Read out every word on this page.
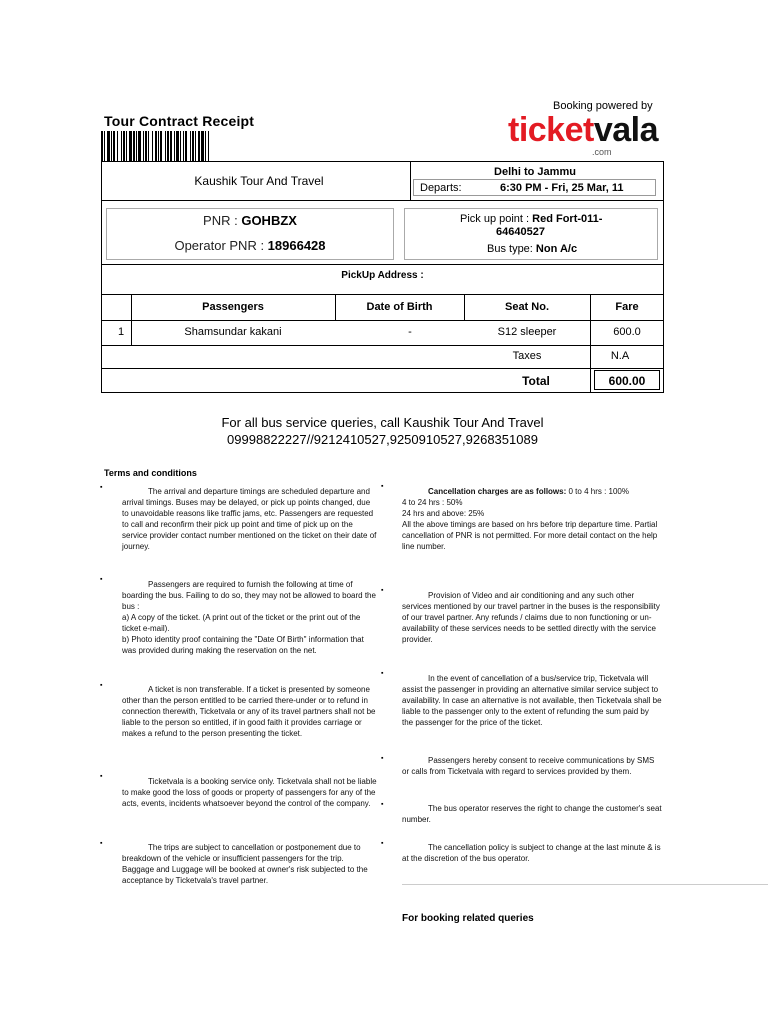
Booking powered by
ticketvala
.com
Tour Contract Receipt
Kaushik Tour And Travel
Delhi to Jammu
Departs:	6:30 PM - Fri, 25 Mar, 11
PNR : GOHBZX
Operator PNR : 18966428
Pick up point : Red Fort-011-
64640527
Bus type: Non A/c
PickUp Address :
Passengers	Date of Birth	Seat No.	Fare
1	Shamsundar kakani	-	S12 sleeper	600.0
Taxes	N.A
Total	600.00
For all bus service queries, call Kaushik Tour And Travel
09998822227//9212410527,9250910527,9268351089
Terms and conditions
▪	The arrival and departure timings are scheduled departure and arrival timings. Buses may be delayed, or pick up points changed, due to unavoidable reasons like traffic jams, etc. Passengers are requested to call and reconfirm their pick up point and time of pick up on the service provider contact number mentioned on the ticket on their date of journey.
▪
Passengers are required to furnish the following at time of boarding the bus. Failing to do so, they may not be allowed to board the bus :
a) A copy of the ticket. (A print out of the ticket or the print out of the ticket e-mail).
b) Photo identity proof containing the "Date Of Birth" information that was provided during making the reservation on the net.
▪	A ticket is non transferable. If a ticket is presented by someone other than the person entitled to be carried there-under or to refund in connection therewith, Ticketvala or any of its travel partners shall not be liable to the person so entitled, if in good faith it provides carriage or makes a refund to the person presenting the ticket.
▪
Ticketvala is a booking service only. Ticketvala shall not be liable to make good the loss of goods or property of passengers for any of the acts, events, incidents whatsoever beyond the control of the company.
▪	The trips are subject to cancellation or postponement due to breakdown of the vehicle or insufficient passengers for the trip. Baggage and Luggage will be booked at owner's risk subjected to the acceptance by Ticketvala's travel partner.
▪
Cancellation charges are as follows: 0 to 4 hrs : 100%
4 to 24 hrs : 50%
24 hrs and above: 25%
All the above timings are based on hrs before trip departure time. Partial cancellation of PNR is not permitted. For more detail contact on the help line number.
▪
Provision of Video and air conditioning and any such other services mentioned by our travel partner in the buses is the responsibility of our travel partner. Any refunds / claims due to non functioning or un-availability of these services needs to be settled directly with the service provider.
▪
In the event of cancellation of a bus/service trip, Ticketvala will assist the passenger in providing an alternative similar service subject to availability. In case an alternative is not available, then Ticketvala shall be liable to the passenger only to the extent of refunding the sum paid by the passenger for the price of the ticket.
▪	Passengers hereby consent to receive communications by SMS or calls from Ticketvala with regard to services provided by them.
▪	The bus operator reserves the right to change the customer's seat number.
▪	The cancellation policy is subject to change at the last minute & is at the discretion of the bus operator.
For booking related queries
